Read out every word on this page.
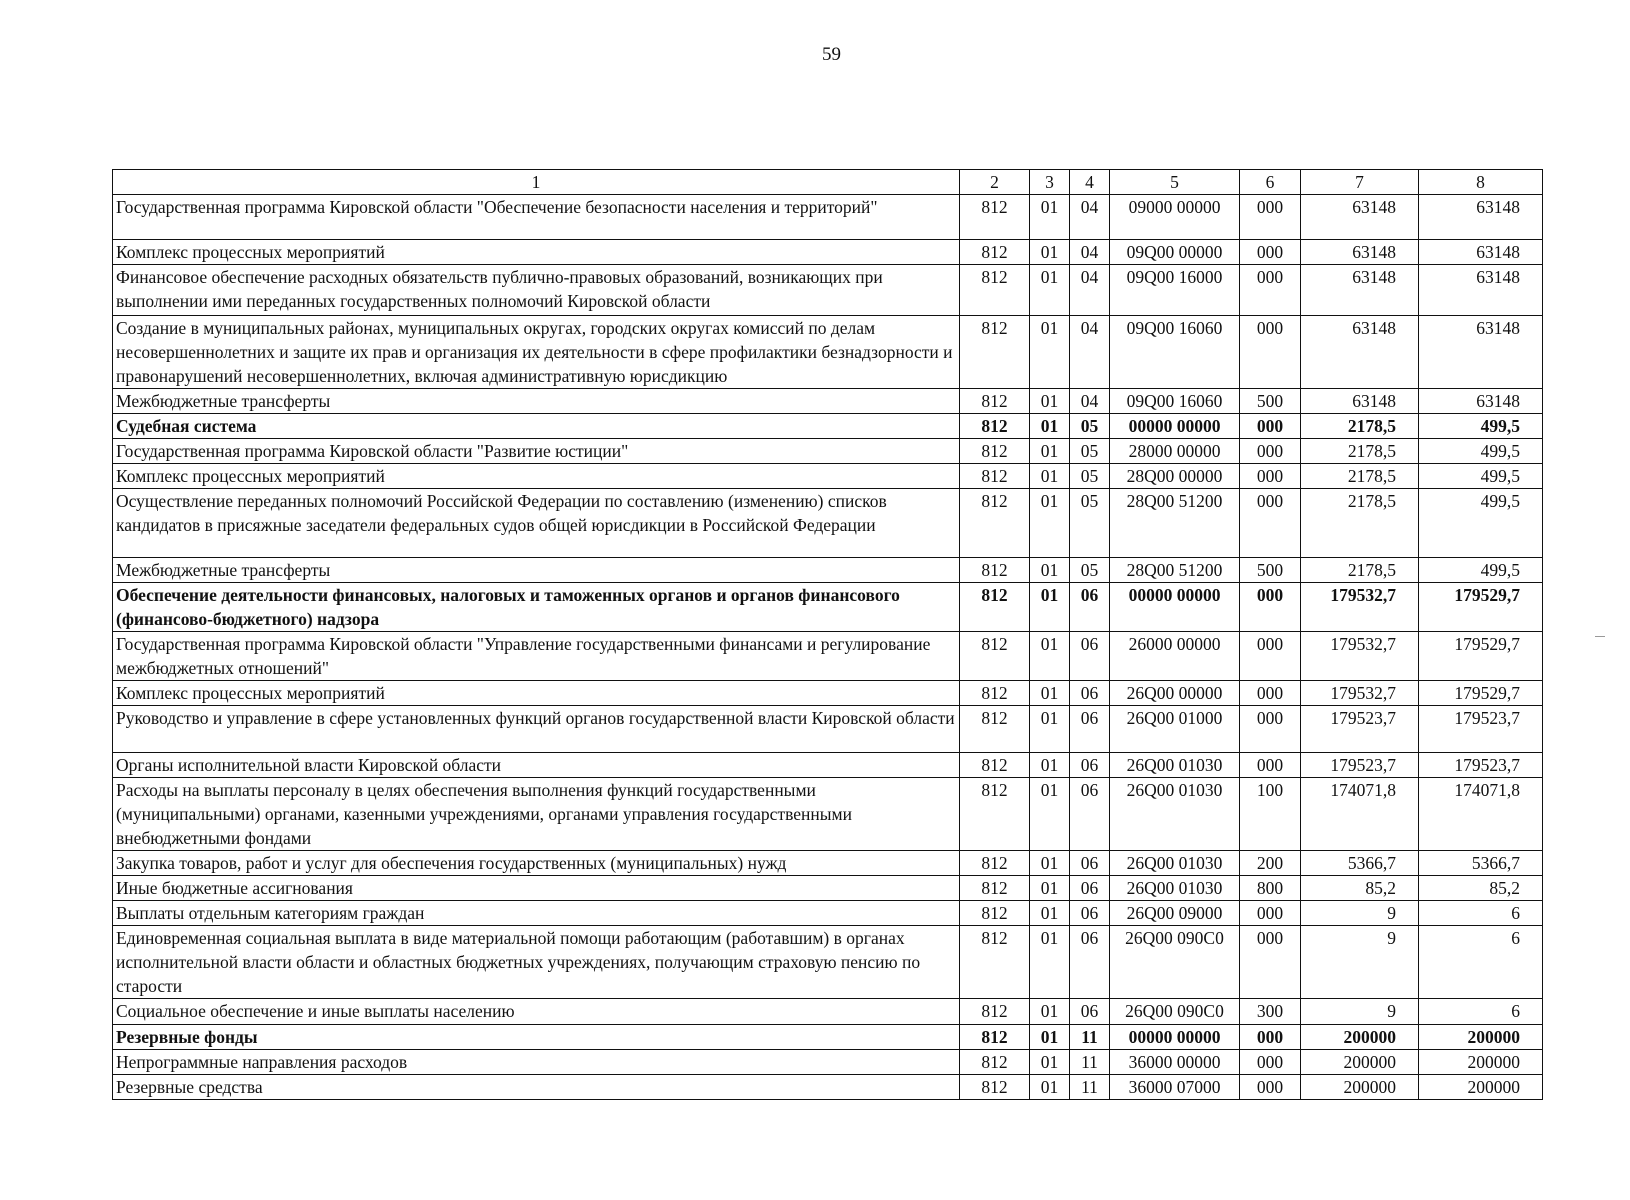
59
1	2	3	4	5	6	7	8
Государственная программа Кировской области "Обеспечение безопасности населения и территорий"	812	01	04	09000 00000	000	63148	63148
Комплекс процессных мероприятий	812	01	04	09Q00 00000	000	63148	63148
Финансовое обеспечение расходных обязательств публично-правовых образований, возникающих при выполнении ими переданных государственных полномочий Кировской области	812	01	04	09Q00 16000	000	63148	63148
Создание в муниципальных районах, муниципальных округах, городских округах комиссий по делам несовершеннолетних и защите их прав и организация их деятельности в сфере профилактики безнадзорности и правонарушений несовершеннолетних, включая административную юрисдикцию	812	01	04	09Q00 16060	000	63148	63148
Межбюджетные трансферты	812	01	04	09Q00 16060	500	63148	63148
Судебная система	812	01	05	00000 00000	000	2178,5	499,5
Государственная программа Кировской области "Развитие юстиции"	812	01	05	28000 00000	000	2178,5	499,5
Комплекс процессных мероприятий	812	01	05	28Q00 00000	000	2178,5	499,5
Осуществление переданных полномочий Российской Федерации по составлению (изменению) списков кандидатов в присяжные заседатели федеральных судов общей юрисдикции в Российской Федерации	812	01	05	28Q00 51200	000	2178,5	499,5
Межбюджетные трансферты	812	01	05	28Q00 51200	500	2178,5	499,5
Обеспечение деятельности финансовых, налоговых и таможенных органов и органов финансового (финансово-бюджетного) надзора	812	01	06	00000 00000	000	179532,7	179529,7
Государственная программа Кировской области "Управление государственными финансами и регулирование межбюджетных отношений"	812	01	06	26000 00000	000	179532,7	179529,7
Комплекс процессных мероприятий	812	01	06	26Q00 00000	000	179532,7	179529,7
Руководство и управление в сфере установленных функций органов государственной власти Кировской области	812	01	06	26Q00 01000	000	179523,7	179523,7
Органы исполнительной власти Кировской области	812	01	06	26Q00 01030	000	179523,7	179523,7
Расходы на выплаты персоналу в целях обеспечения выполнения функций государственными (муниципальными) органами, казенными учреждениями, органами управления государственными внебюджетными фондами	812	01	06	26Q00 01030	100	174071,8	174071,8
Закупка товаров, работ и услуг для обеспечения государственных (муниципальных) нужд	812	01	06	26Q00 01030	200	5366,7	5366,7
Иные бюджетные ассигнования	812	01	06	26Q00 01030	800	85,2	85,2
Выплаты отдельным категориям граждан	812	01	06	26Q00 09000	000	9	6
Единовременная социальная выплата в виде материальной помощи работающим (работавшим) в органах исполнительной власти области и областных бюджетных учреждениях, получающим страховую пенсию по старости	812	01	06	26Q00 090C0	000	9	6
Социальное обеспечение и иные выплаты населению	812	01	06	26Q00 090C0	300	9	6
Резервные фонды	812	01	11	00000 00000	000	200000	200000
Непрограммные направления расходов	812	01	11	36000 00000	000	200000	200000
Резервные средства	812	01	11	36000 07000	000	200000	200000
